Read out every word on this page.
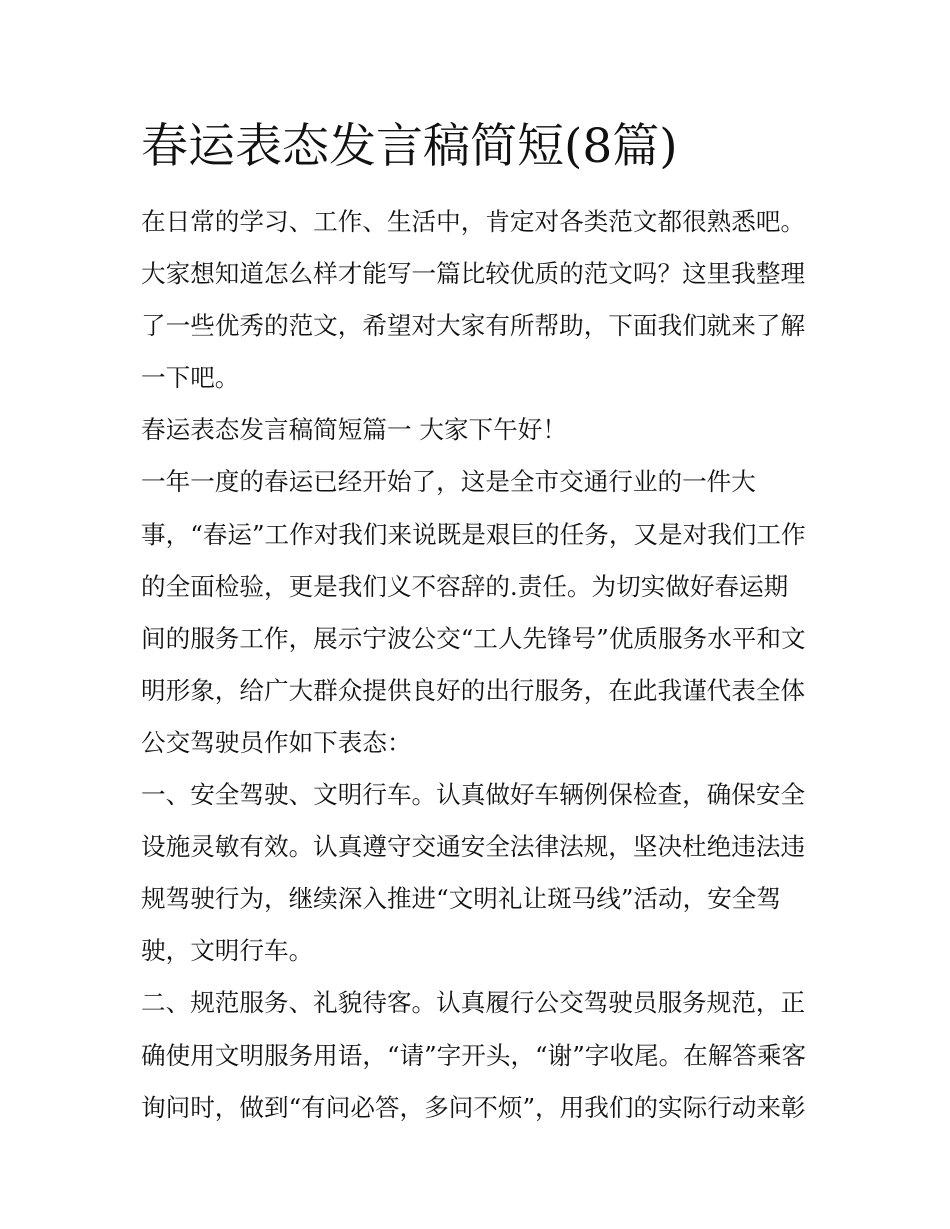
春运表态发言稿简短(8篇)
在日常的学习、工作、生活中，肯定对各类范文都很熟悉吧。
大家想知道怎么样才能写一篇比较优质的范文吗？这里我整理
了一些优秀的范文，希望对大家有所帮助，下面我们就来了解
一下吧。
春运表态发言稿简短篇一 大家下午好！
一年一度的春运已经开始了，这是全市交通行业的一件大
事，“春运”工作对我们来说既是艰巨的任务，又是对我们工作
的全面检验，更是我们义不容辞的.责任。为切实做好春运期
间的服务工作，展示宁波公交“工人先锋号”优质服务水平和文
明形象，给广大群众提供良好的出行服务，在此我谨代表全体
公交驾驶员作如下表态：
一、安全驾驶、文明行车。认真做好车辆例保检查，确保安全
设施灵敏有效。认真遵守交通安全法律法规，坚决杜绝违法违
规驾驶行为，继续深入推进“文明礼让斑马线”活动，安全驾
驶，文明行车。
二、规范服务、礼貌待客。认真履行公交驾驶员服务规范，正
确使用文明服务用语，“请”字开头，“谢”字收尾。在解答乘客
询问时，做到“有问必答，多问不烦”，用我们的实际行动来彰
